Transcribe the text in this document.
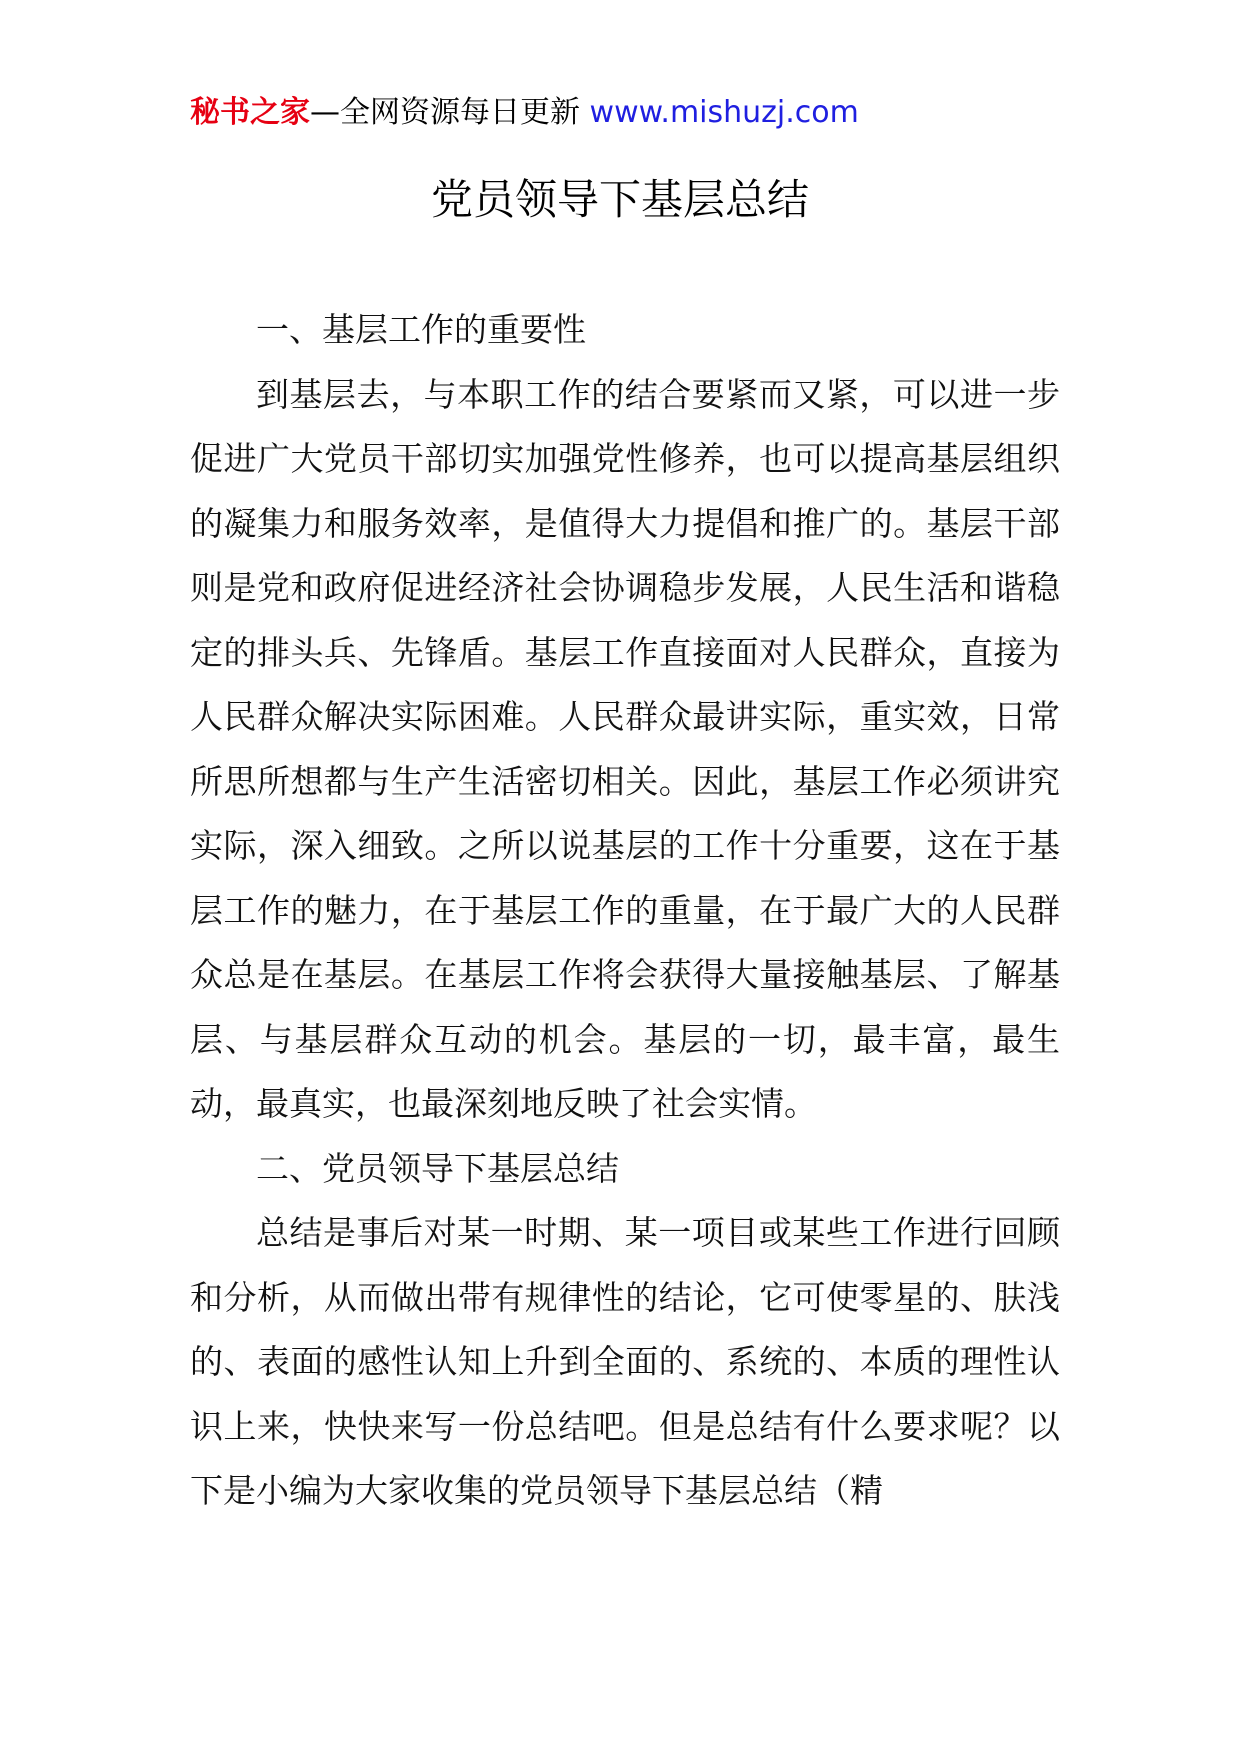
秘书之家—全网资源每日更新 www.mishuzj.com
党员领导下基层总结

一、基层工作的重要性

到基层去，与本职工作的结合要紧而又紧，可以进一步促进广大党员干部切实加强党性修养，也可以提高基层组织的凝集力和服务效率，是值得大力提倡和推广的。基层干部则是党和政府促进经济社会协调稳步发展，人民生活和谐稳定的排头兵、先锋盾。基层工作直接面对人民群众，直接为人民群众解决实际困难。人民群众最讲实际，重实效，日常所思所想都与生产生活密切相关。因此，基层工作必须讲究实际，深入细致。之所以说基层的工作十分重要，这在于基层工作的魅力，在于基层工作的重量，在于最广大的人民群众总是在基层。在基层工作将会获得大量接触基层、了解基层、与基层群众互动的机会。基层的一切，最丰富，最生动，最真实，也最深刻地反映了社会实情。

二、党员领导下基层总结

总结是事后对某一时期、某一项目或某些工作进行回顾和分析，从而做出带有规律性的结论，它可使零星的、肤浅的、表面的感性认知上升到全面的、系统的、本质的理性认识上来，快快来写一份总结吧。但是总结有什么要求呢？以下是小编为大家收集的党员领导下基层总结（精
